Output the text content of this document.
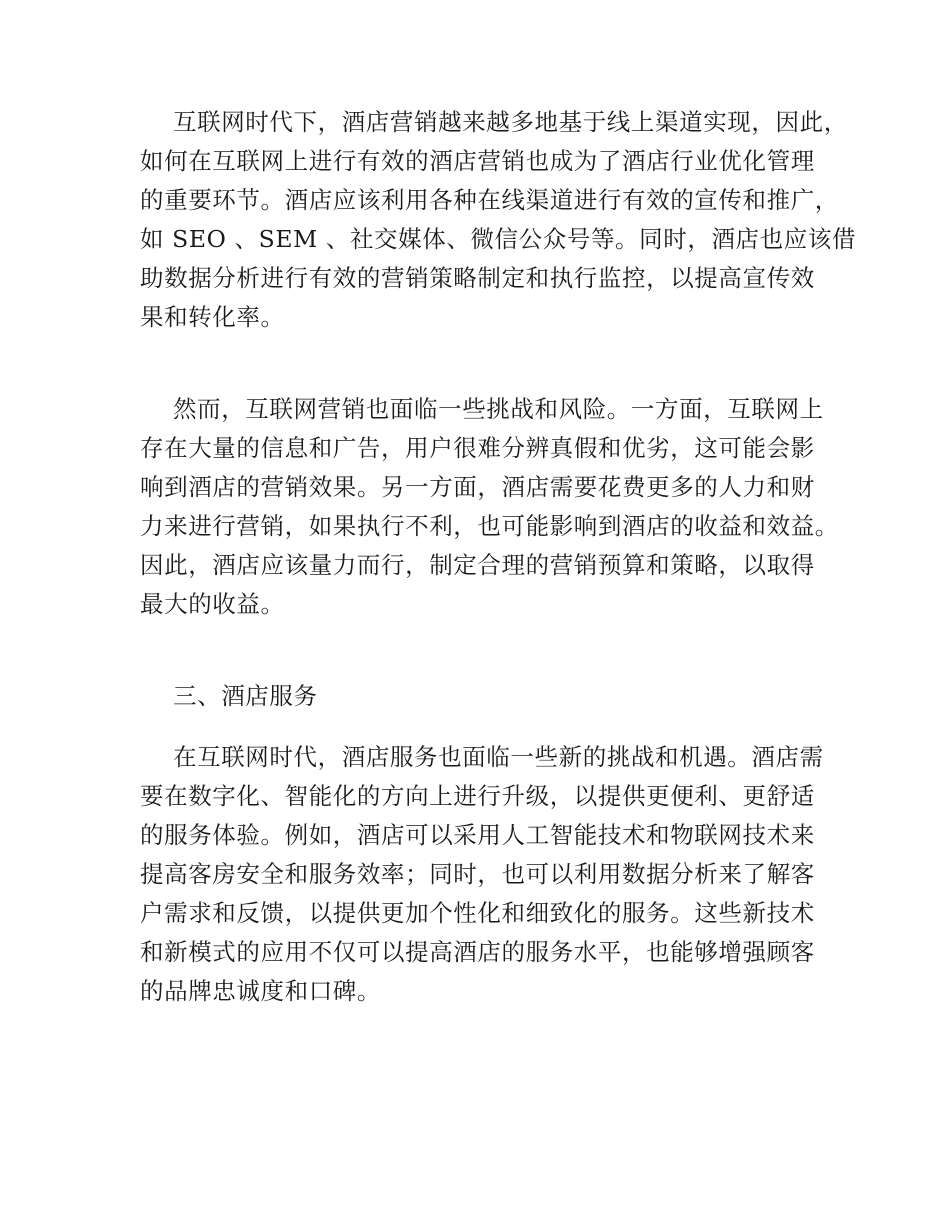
互联网时代下，酒店营销越来越多地基于线上渠道实现，因此，
如何在互联网上进行有效的酒店营销也成为了酒店行业优化管理
的重要环节。酒店应该利用各种在线渠道进行有效的宣传和推广，
如 SEO 、SEM 、社交媒体、微信公众号等。同时，酒店也应该借
助数据分析进行有效的营销策略制定和执行监控，以提高宣传效
果和转化率。
然而，互联网营销也面临一些挑战和风险。一方面，互联网上
存在大量的信息和广告，用户很难分辨真假和优劣，这可能会影
响到酒店的营销效果。另一方面，酒店需要花费更多的人力和财
力来进行营销，如果执行不利，也可能影响到酒店的收益和效益。
因此，酒店应该量力而行，制定合理的营销预算和策略，以取得
最大的收益。
三、酒店服务
在互联网时代，酒店服务也面临一些新的挑战和机遇。酒店需
要在数字化、智能化的方向上进行升级，以提供更便利、更舒适
的服务体验。例如，酒店可以采用人工智能技术和物联网技术来
提高客房安全和服务效率；同时，也可以利用数据分析来了解客
户需求和反馈，以提供更加个性化和细致化的服务。这些新技术
和新模式的应用不仅可以提高酒店的服务水平，也能够增强顾客
的品牌忠诚度和口碑。
